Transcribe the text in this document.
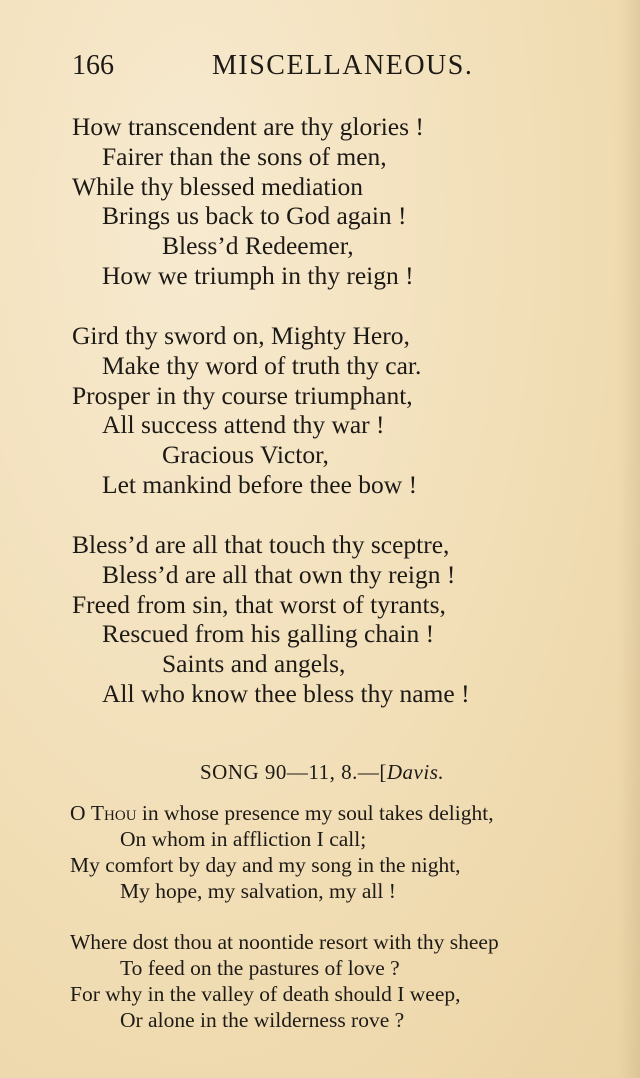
166	MISCELLANEOUS.
How transcendent are thy glories !
Fairer than the sons of men,
While thy blessed mediation
Brings us back to God again !
Bless’d Redeemer,
How we triumph in thy reign !
Gird thy sword on, Mighty Hero,
Make thy word of truth thy car.
Prosper in thy course triumphant,
All success attend thy war !
Gracious Victor,
Let mankind before thee bow !
Bless’d are all that touch thy sceptre,
Bless’d are all that own thy reign !
Freed from sin, that worst of tyrants,
Rescued from his galling chain !
Saints and angels,
All who know thee bless thy name !
SONG 90—11, 8.—[Davis.
O Thou in whose presence my soul takes delight,
On whom in affliction I call;
My comfort by day and my song in the night,
My hope, my salvation, my all !
Where dost thou at noontide resort with thy sheep
To feed on the pastures of love ?
For why in the valley of death should I weep,
Or alone in the wilderness rove ?
